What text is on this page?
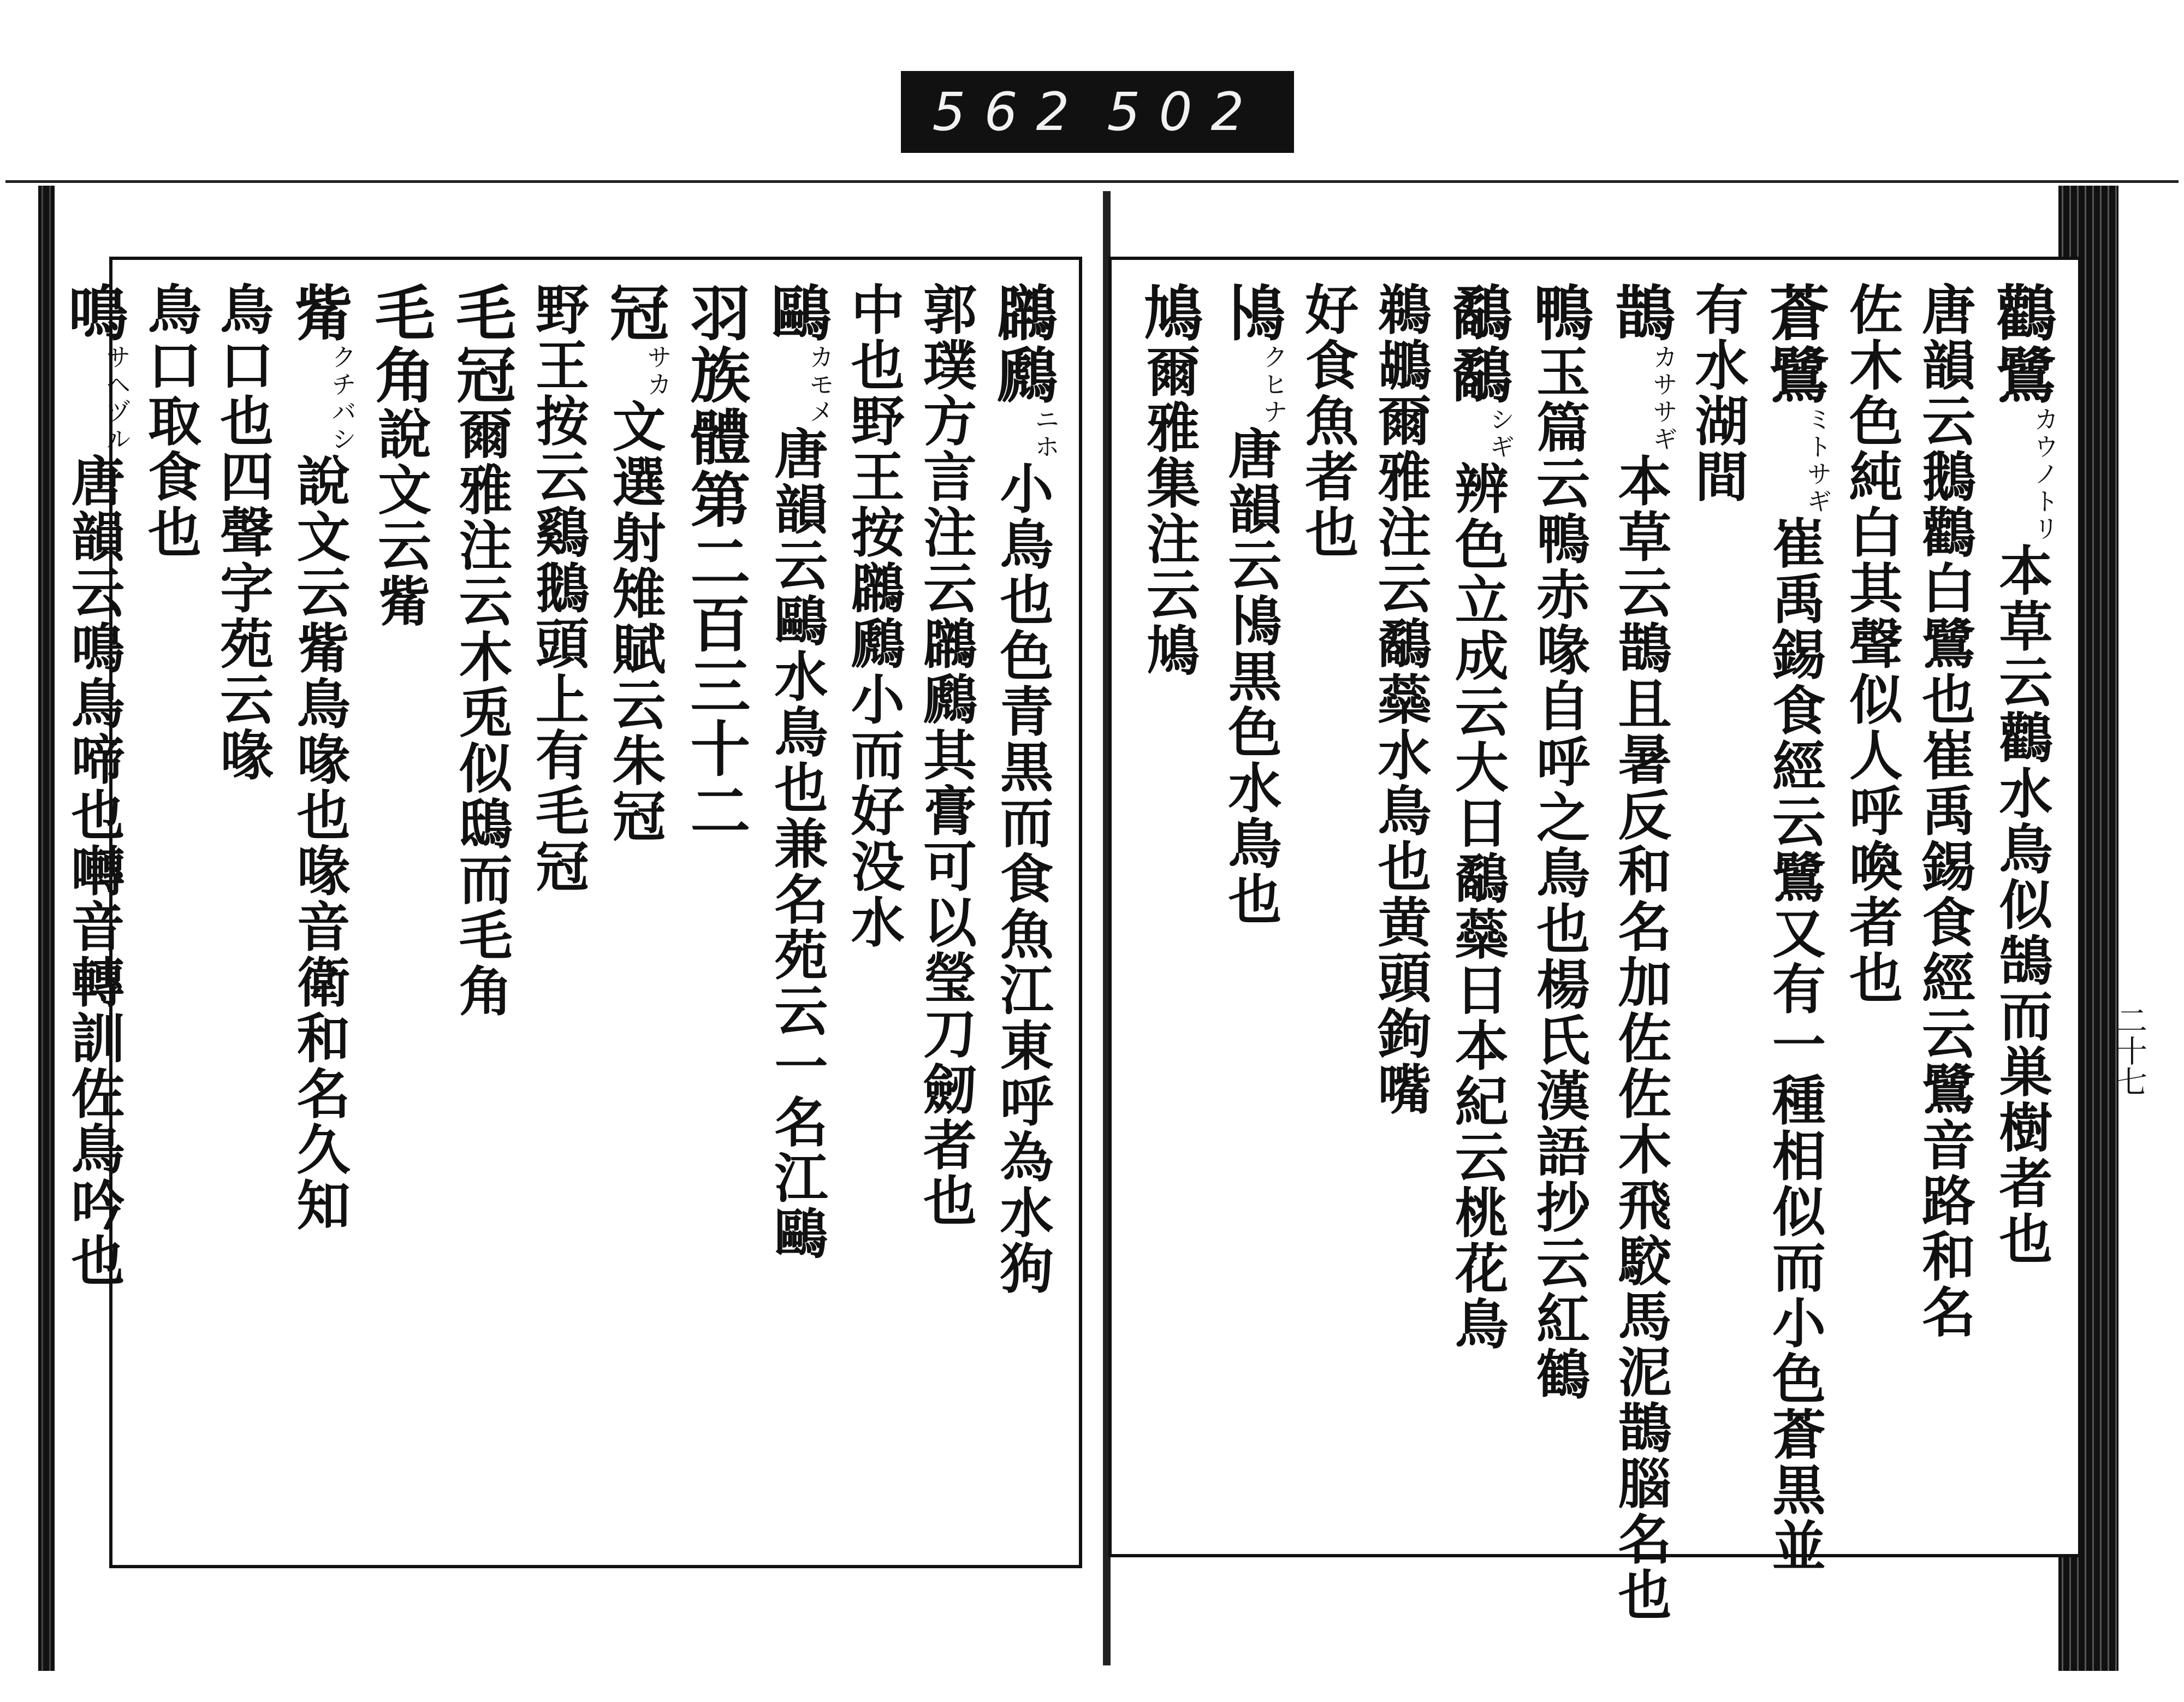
562 502
鸛鷺$^{カウノトリ}$本草云鸛水鳥似鵠而巣樹者也
唐韻云鵝鸛白鷺也崔禹錫食經云鷺音路和名
佐木色純白其聲似人呼喚者也
蒼鷺$^{ミトサギ}$崔禹錫食經云鷺又有一種相似而小色蒼黒並
有水湖間
鵲$^{カササギ}$本草云鵲且暑反和名加佐佐木飛駮馬泥鵲腦名也
鴨玉篇云鴨赤喙自呼之鳥也楊氏漢語抄云紅鶴
鷸鷸$^{シギ}$辨色立成云大日鷸蘂日本紀云桃花鳥
鵜鶘爾雅注云鷸蘂水鳥也黄頭鉤嘴
好食魚者也
鳪$^{クヒナ}$唐韻云鳪黒色水鳥也
鳩爾雅集注云鳩
二十七
鸊鷉$^{ニホ}$小鳥也色青黒而食魚江東呼為水狗
郭璞方言注云鸊鷉其膏可以瑩刀劒者也
中也野王按鸊鷉小而好没水
鷗$^{カモメ}$唐韻云鷗水鳥也兼名苑云一名江鷗
羽族體第二百三十二
冠$^{サカ}$文選射雉賦云朱冠
野王按云鷄鵝頭上有毛冠
毛冠爾雅注云木兎似鴟而毛角
毛角說文云觜
觜$^{クチバシ}$說文云觜鳥喙也喙音衛和名久知
鳥口也四聲字苑云喙
鳥口取食也
鳴$^{サヘヅル}$唐韻云鳴鳥啼也囀音轉訓佐鳥吟也
